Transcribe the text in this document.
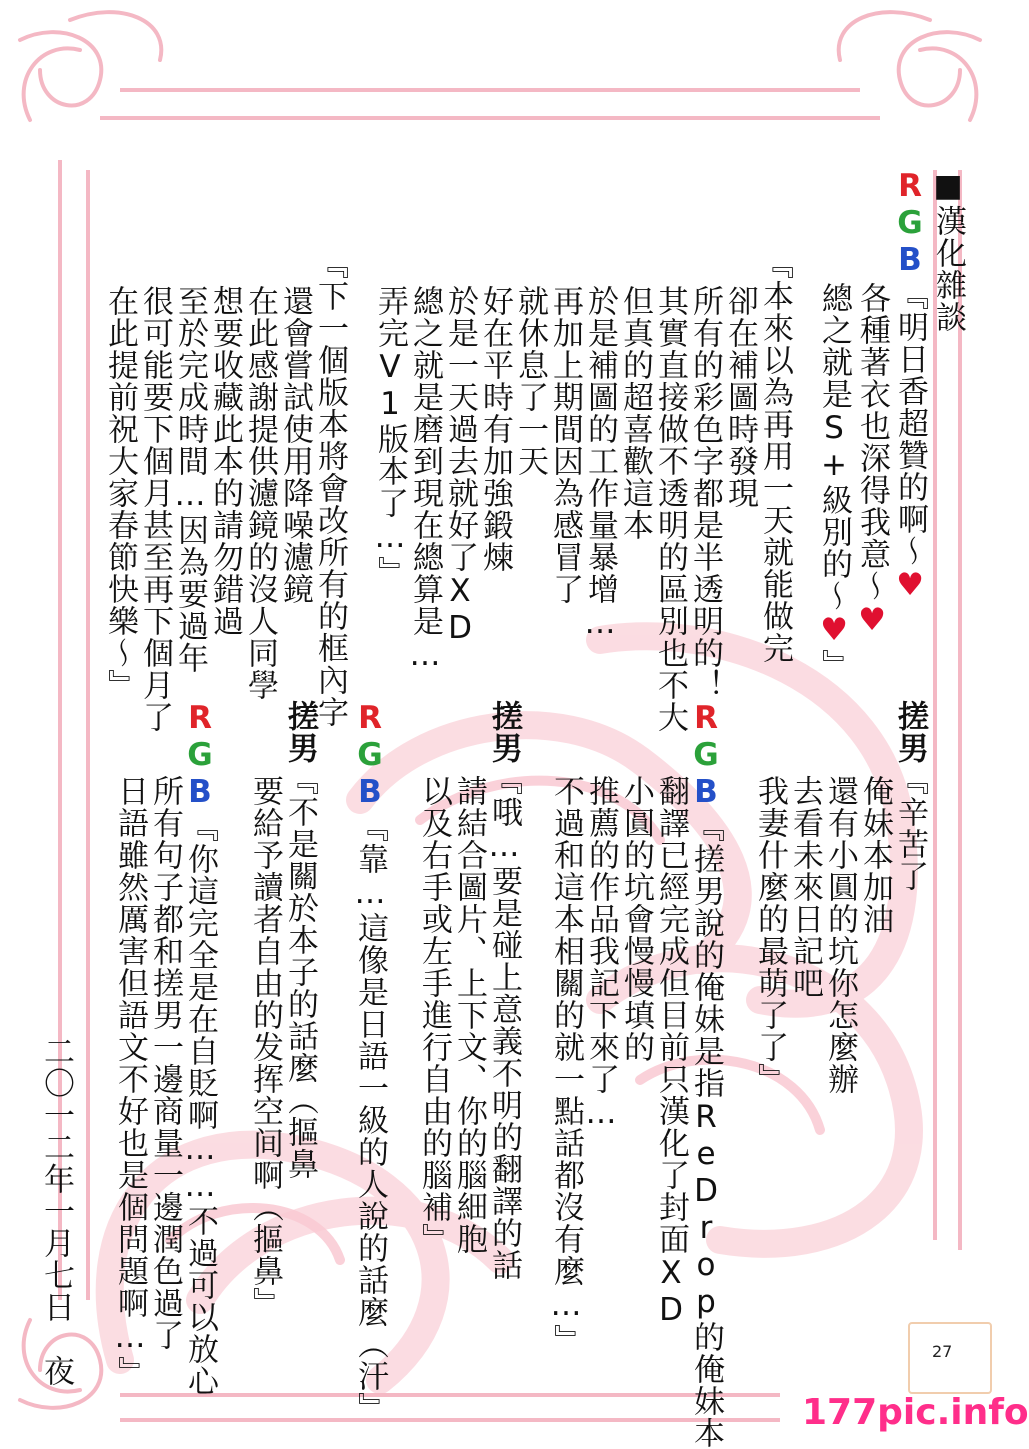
■漢化雜談
RGB『明日香超贊的啊～♥
各種著衣也深得我意～♥
總之就是S+級別的～♥』
『本來以為再用一天就能做完
卻在補圖時發現
所有的彩色字都是半透明的！
其實直接做不透明的區別也不大
但真的超喜歡這本
於是補圖的工作量暴增…
再加上期間因為感冒了
就休息了一天
好在平時有加強鍛煉
於是一天過去就好了XD
總之就是磨到現在總算是…
弄完V1版本了…』
『下一個版本將會改所有的框內字
還會嘗試使用降噪濾鏡
在此感謝提供濾鏡的沒人同學
想要收藏此本的請勿錯過
至於完成時間…因為要過年
很可能要下個月甚至再下個月了
在此提前祝大家春節快樂～』
搓男『辛苦了
俺妹本加油
還有小圓的坑你怎麼辦
去看未來日記吧
我妻什麼的最萌了了』
RGB『搓男說的俺妹是指ReDrop的俺妹本
翻譯已經完成但目前只漢化了封面XD
小圓的坑會慢慢填的
推薦的作品我記下來了…
不過和這本相關的就一點話都沒有麼…』
搓男『哦…要是碰上意義不明的翻譯的話
請結合圖片、上下文、你的腦細胞
以及右手或左手進行自由的腦補』
RGB『靠…這像是日語一級的人說的話麼（汗』
搓男『不是關於本子的話麼（摳鼻
要給予讀者自由的发挥空间啊（摳鼻』
RGB『你這完全是在自貶啊……不過可以放心
所有句子都和搓男一邊商量一邊潤色過了
日語雖然厲害但語文不好也是個問題啊…』
二〇一二年一月七日　夜	27
177pic.info
